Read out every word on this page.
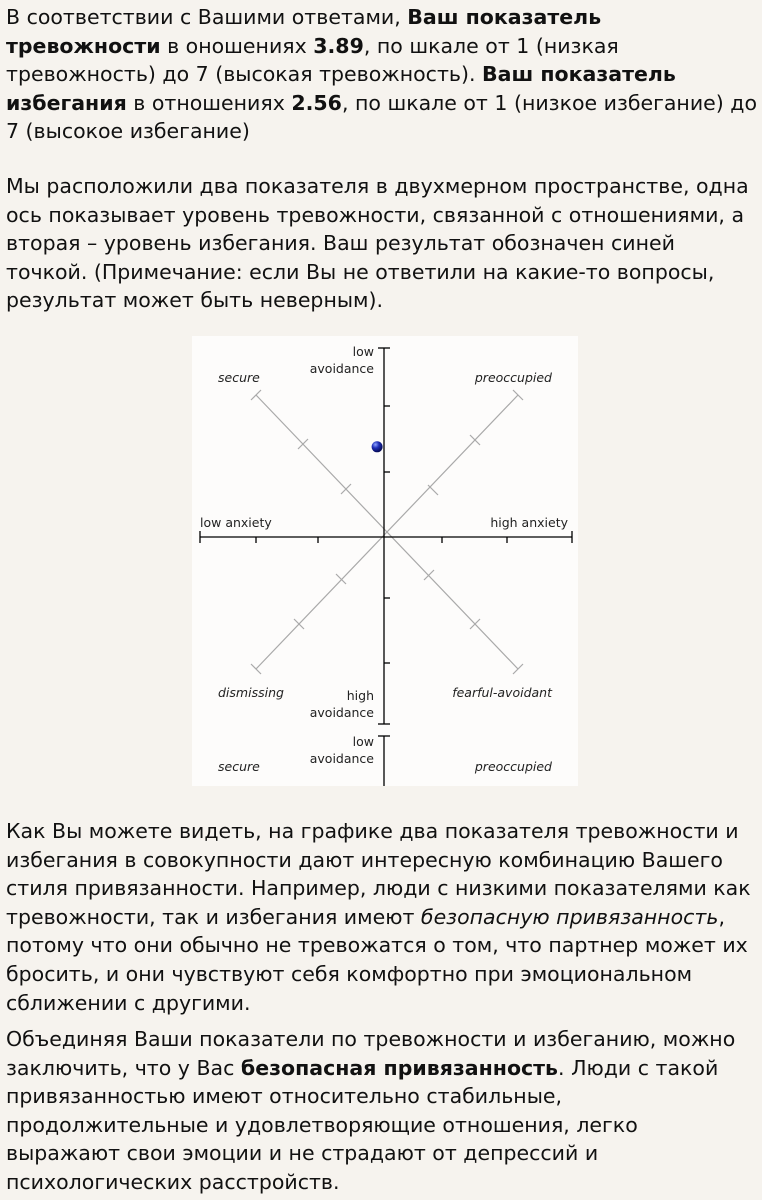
В соответствии с Вашими ответами, Ваш показатель тревожности в оношениях 3.89, по шкале от 1 (низкая тревожность) до 7 (высокая тревожность). Ваш показатель избегания в отношениях 2.56, по шкале от 1 (низкое избегание) до 7 (высокое избегание)

Мы расположили два показателя в двухмерном пространстве, одна ось показывает уровень тревожности, связанной с отношениями, а вторая – уровень избегания. Ваш результат обозначен синей точкой. (Примечание: если Вы не ответили на какие-то вопросы, результат может быть неверным).

low
avoidance
secure	preoccupied
low anxiety	high anxiety
dismissing	high
avoidance
fearful-avoidant
low
avoidance
secure	preoccupied

Как Вы можете видеть, на графике два показателя тревожности и избегания в совокупности дают интересную комбинацию Вашего стиля привязанности. Например, люди с низкими показателями как тревожности, так и избегания имеют безопасную привязанность, потому что они обычно не тревожатся о том, что партнер может их бросить, и они чувствуют себя комфортно при эмоциональном сближении с другими.

Объединяя Ваши показатели по тревожности и избеганию, можно заключить, что у Вас безопасная привязанность. Люди с такой привязанностью имеют относительно стабильные, продолжительные и удовлетворяющие отношения, легко выражают свои эмоции и не страдают от депрессий и психологических расстройств.
